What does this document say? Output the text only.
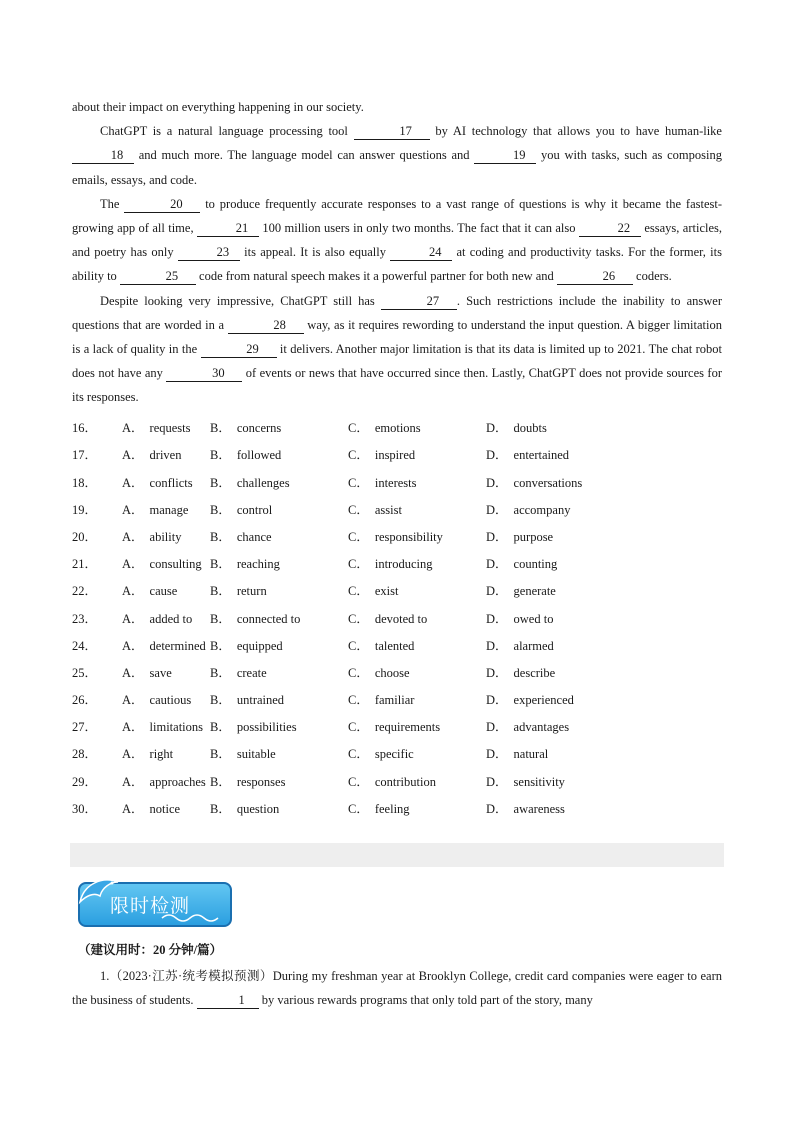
about their impact on everything happening in our society.

ChatGPT is a natural language processing tool	17 by AI technology that allows you to have human-like 18 and much more. The language model can answer questions and	19 you with tasks, such as composing emails, essays, and code.

The	20 to produce frequently accurate responses to a vast range of questions is why it became the fastest-growing app of all time,	21 100 million users in only two months. The fact that it can also	22 essays, articles, and poetry has only	23 its appeal. It is also equally	24 at coding and productivity tasks. For the former, its ability to	25 code from natural speech makes it a powerful partner for both new and	26 coders.

Despite looking very impressive, ChatGPT still has	27 . Such restrictions include the inability to answer questions that are worded in a	28 way, as it requires rewording to understand the input question. A bigger limitation is a lack of quality in the	29 it delivers. Another major limitation is that its data is limited up to 2021. The chat robot does not have any	30 of events or news that have occurred since then. Lastly, ChatGPT does not provide sources for its responses.

16．	A． requests	B． concerns	C． emotions	D． doubts
17．	A． driven	B． followed	C． inspired	D． entertained
18．	A． conflicts	B． challenges	C． interests	D． conversations
19．	A． manage	B． control	C． assist	D． accompany
20．	A． ability	B． chance	C． responsibility	D． purpose
21．	A． consulting B． reaching	C． introducing	D． counting
22．	A． cause	B． return	C． exist	D． generate
23．	A． added to	B． connected to	C． devoted to	D． owed to
24．	A． determined B． equipped	C． talented	D． alarmed
25．	A． save	B． create	C． choose	D． describe
26．	A． cautious	B． untrained	C． familiar	D． experienced
27．	A． limitations B． possibilities	C． requirements	D． advantages
28．	A． right	B． suitable	C． specific	D． natural
29．	A． approaches B． responses	C． contribution	D． sensitivity
30．	A． notice	B． question	C． feeling	D． awareness
限时检测
（建议用时：20 分钟/篇）

1.（2023·江苏·统考模拟预测）During my freshman year at Brooklyn College, credit card companies were eager to earn the business of students.	1 by various rewards programs that only told part of the story, many
